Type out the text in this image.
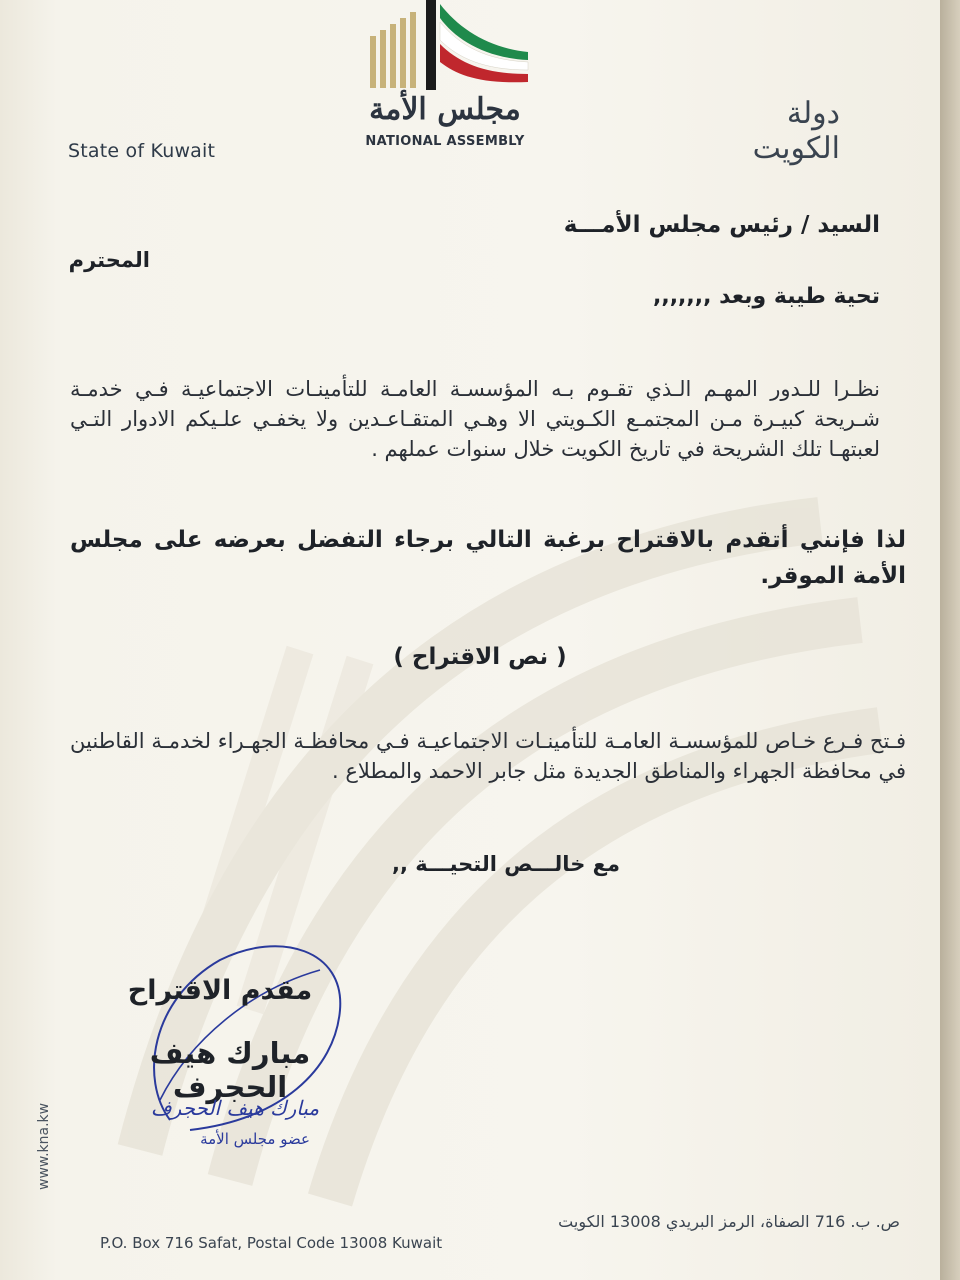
State of Kuwait
دولة الكويت
مجلس الأمة
NATIONAL ASSEMBLY
السيد / رئيس مجلس الأمـــة
المحترم
تحية طيبة وبعد ,,,,,,,
نظـرا للـدور المهـم الـذي تقـوم بـه المؤسسـة العامـة للتأمينـات الاجتماعيـة فـي خدمـة شـريحة كبيـرة مـن المجتمـع الكـويتي الا وهـي المتقـاعـدين ولا يخفـي علـيكم الادوار التـي لعبتهـا تلك الشريحة في تاريخ الكويت خلال سنوات عملهم .
لذا فإنني أتقدم بالاقتراح برغبة التالي برجاء التفضل بعرضه على مجلس الأمة الموقر.
( نص الاقتراح )
فـتح فـرع خـاص للمؤسسـة العامـة للتأمينـات الاجتماعيـة فـي محافظـة الجهـراء لخدمـة القاطنين في محافظة الجهراء والمناطق الجديدة مثل جابر الاحمد والمطلاع .
مع خالـــص التحيـــة ,,
مقدم الاقتراح
مبارك هيف الحجرف
مبارك هيف الحجرف
عضو مجلس الأمة
www.kna.kw
P.O. Box 716 Safat, Postal Code 13008 Kuwait
ص. ب. 716 الصفاة، الرمز البريدي 13008 الكويت
